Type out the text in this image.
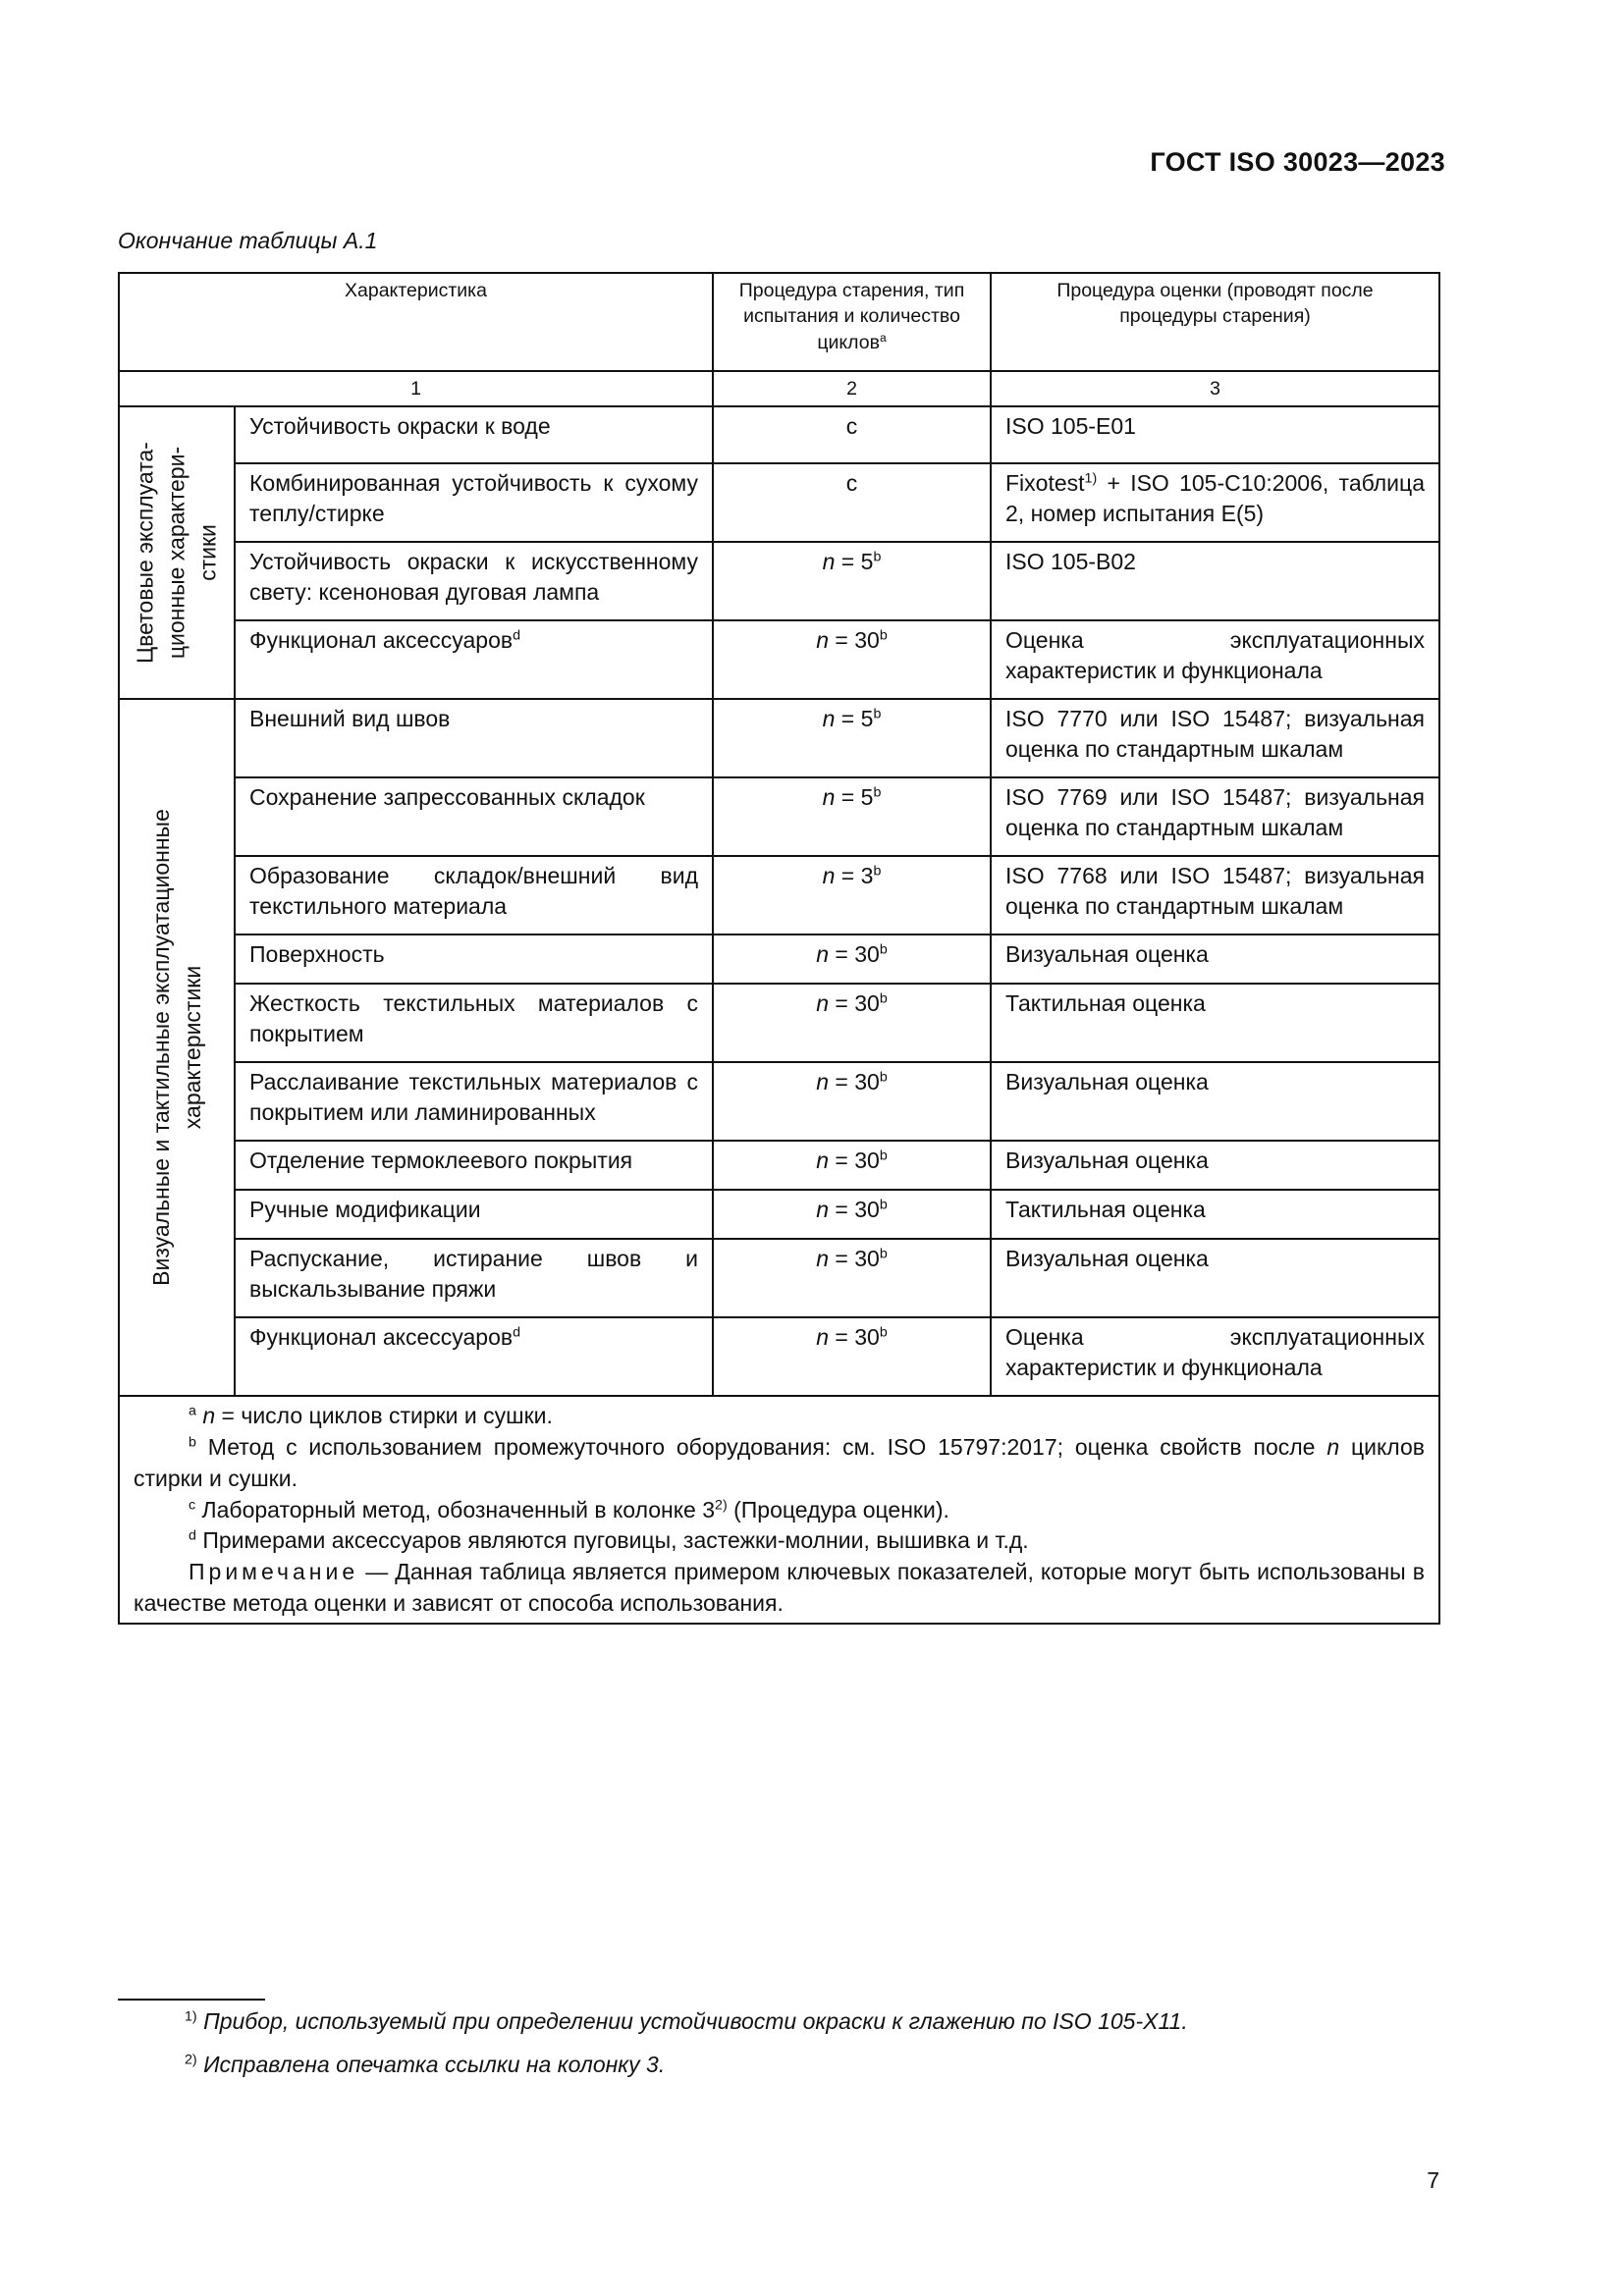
ГОСТ ISO 30023—2023
Окончание таблицы А.1
Характеристика		Процедура старения, тип испытания и количество циклов$^a$	Процедура оценки (проводят после процедуры старения)
1		2	3

Цветовые эксплуата- ционные характери- стики	Устойчивость окраски к воде	c	ISO 105-E01
	Комбинированная устойчивость к сухому теплу/стирке	c	Fixotest$^{1)}$ + ISO 105-C10:2006, таблица 2, номер испытания E(5)
	Устойчивость окраски к искусственному свету: ксеноновая дуговая лампа	$n = 5^b$	ISO 105-B02
	Функционал аксессуаров$^d$	$n = 30^b$	Оценка эксплуатационных характеристик и функционала

Визуальные и тактильные эксплуатационные характеристики	Внешний вид швов	$n = 5^b$	ISO 7770 или ISO 15487; визуальная оценка по стандартным шкалам
	Сохранение запрессованных складок	$n = 5^b$	ISO 7769 или ISO 15487; визуальная оценка по стандартным шкалам
	Образование складок/внешний вид текстильного материала	$n = 3^b$	ISO 7768 или ISO 15487; визуальная оценка по стандартным шкалам
	Поверхность	$n = 30^b$	Визуальная оценка
	Жесткость текстильных материалов с покрытием	$n = 30^b$	Тактильная оценка
	Расслаивание текстильных материалов с покрытием или ламинированных	$n = 30^b$	Визуальная оценка
	Отделение термоклеевого покрытия	$n = 30^b$	Визуальная оценка
	Ручные модификации	$n = 30^b$	Тактильная оценка
	Распускание, истирание швов и выскальзывание пряжи	$n = 30^b$	Визуальная оценка
	Функционал аксессуаров$^d$	$n = 30^b$	Оценка эксплуатационных характеристик и функционала

$^a$ n = число циклов стирки и сушки.

$^b$ Метод с использованием промежуточного оборудования: см. ISO 15797:2017; оценка свойств после n циклов стирки и сушки.

$^c$ Лабораторный метод, обозначенный в колонке 3$^{2)}$ (Процедура оценки).

$^d$ Примерами аксессуаров являются пуговицы, застежки-молнии, вышивка и т.д.

Примечание — Данная таблица является примером ключевых показателей, которые могут быть использованы в качестве метода оценки и зависят от способа использования.			

$^{1)}$ Прибор, используемый при определении устойчивости окраски к глажению по ISO 105-X11.
$^{2)}$ Исправлена опечатка ссылки на колонку 3.
7
